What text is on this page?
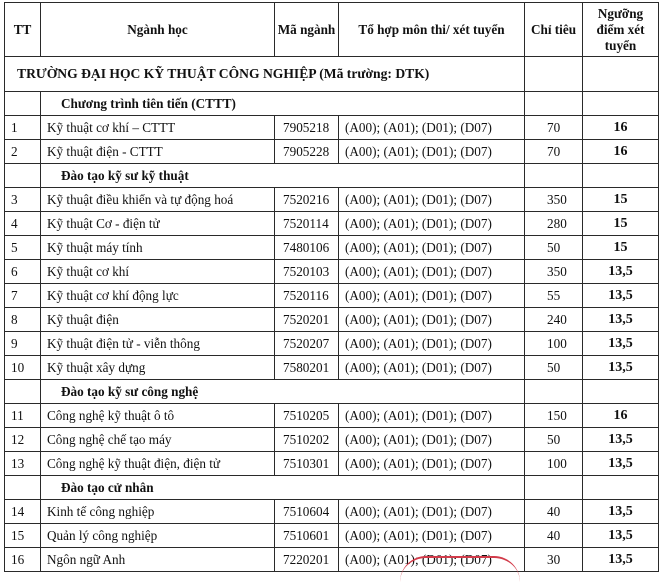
TT	Ngành học	Mã ngành	Tổ hợp môn thi/ xét tuyển	Chỉ tiêu	Ngưỡng điểm xét tuyển
TRƯỜNG ĐẠI HỌC KỸ THUẬT CÔNG NGHIỆP (Mã trường: DTK)					
	Chương trình tiên tiến (CTTT)				
1	Kỹ thuật cơ khí – CTTT	7905218	(A00); (A01); (D01); (D07)	70	16
2	Kỹ thuật điện - CTTT	7905228	(A00); (A01); (D01); (D07)	70	16
	Đào tạo kỹ sư kỹ thuật				
3	Kỹ thuật điều khiển và tự động hoá	7520216	(A00); (A01); (D01); (D07)	350	15
4	Kỹ thuật Cơ - điện tử	7520114	(A00); (A01); (D01); (D07)	280	15
5	Kỹ thuật máy tính	7480106	(A00); (A01); (D01); (D07)	50	15
6	Kỹ thuật cơ khí	7520103	(A00); (A01); (D01); (D07)	350	13,5
7	Kỹ thuật cơ khí động lực	7520116	(A00); (A01); (D01); (D07)	55	13,5
8	Kỹ thuật điện	7520201	(A00); (A01); (D01); (D07)	240	13,5
9	Kỹ thuật điện tử - viễn thông	7520207	(A00); (A01); (D01); (D07)	100	13,5
10	Kỹ thuật xây dựng	7580201	(A00); (A01); (D01); (D07)	50	13,5
	Đào tạo kỹ sư công nghệ				
11	Công nghệ kỹ thuật ô tô	7510205	(A00); (A01); (D01); (D07)	150	16
12	Công nghệ chế tạo máy	7510202	(A00); (A01); (D01); (D07)	50	13,5
13	Công nghệ kỹ thuật điện, điện tử	7510301	(A00); (A01); (D01); (D07)	100	13,5
	Đào tạo cử nhân				
14	Kinh tế công nghiệp	7510604	(A00); (A01); (D01); (D07)	40	13,5
15	Quản lý công nghiệp	7510601	(A00); (A01); (D01); (D07)	40	13,5
16	Ngôn ngữ Anh	7220201	(A00); (A01); (D01); (D07)	30	13,5
